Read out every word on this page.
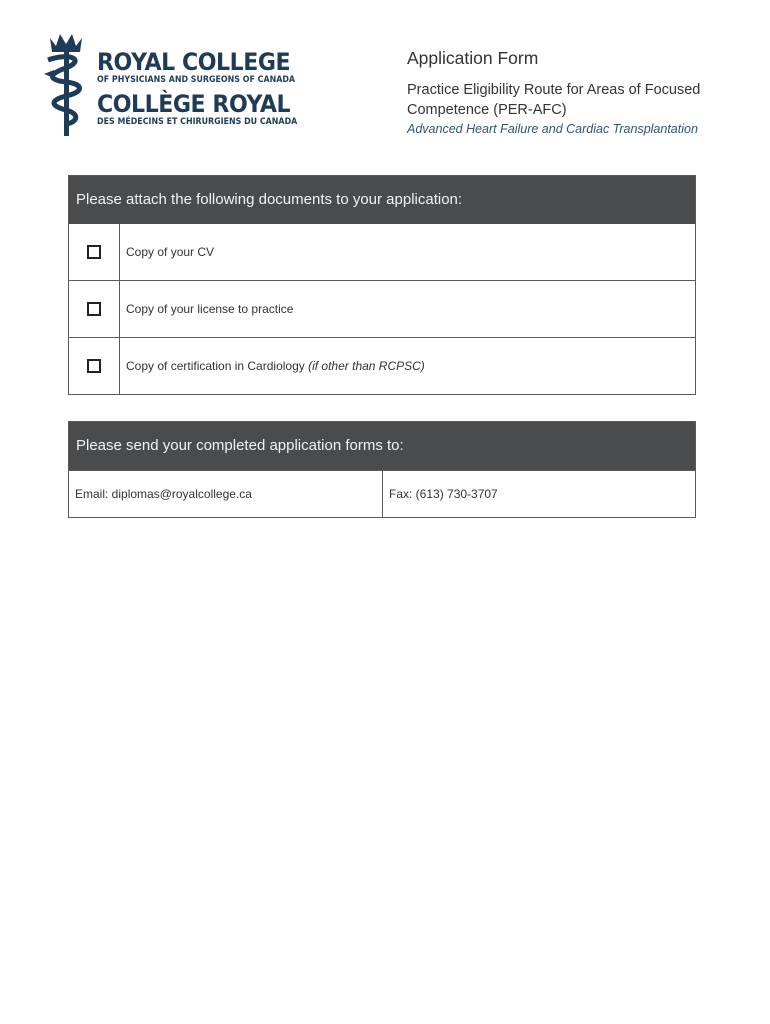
ROYAL COLLEGE
OF PHYSICIANS AND SURGEONS OF CANADA
COLLÈGE ROYAL
DES MÉDECINS ET CHIRURGIENS DU CANADA
Application Form

Practice Eligibility Route for Areas of Focused Competence (PER-AFC)

Advanced Heart Failure and Cardiac Transplantation
Please attach the following documents to your application:
Copy of your CV
Copy of your license to practice
Copy of certification in Cardiology (if other than RCPSC)
Please send your completed application forms to:
Email: diplomas@royalcollege.ca	Fax: (613) 730-3707
